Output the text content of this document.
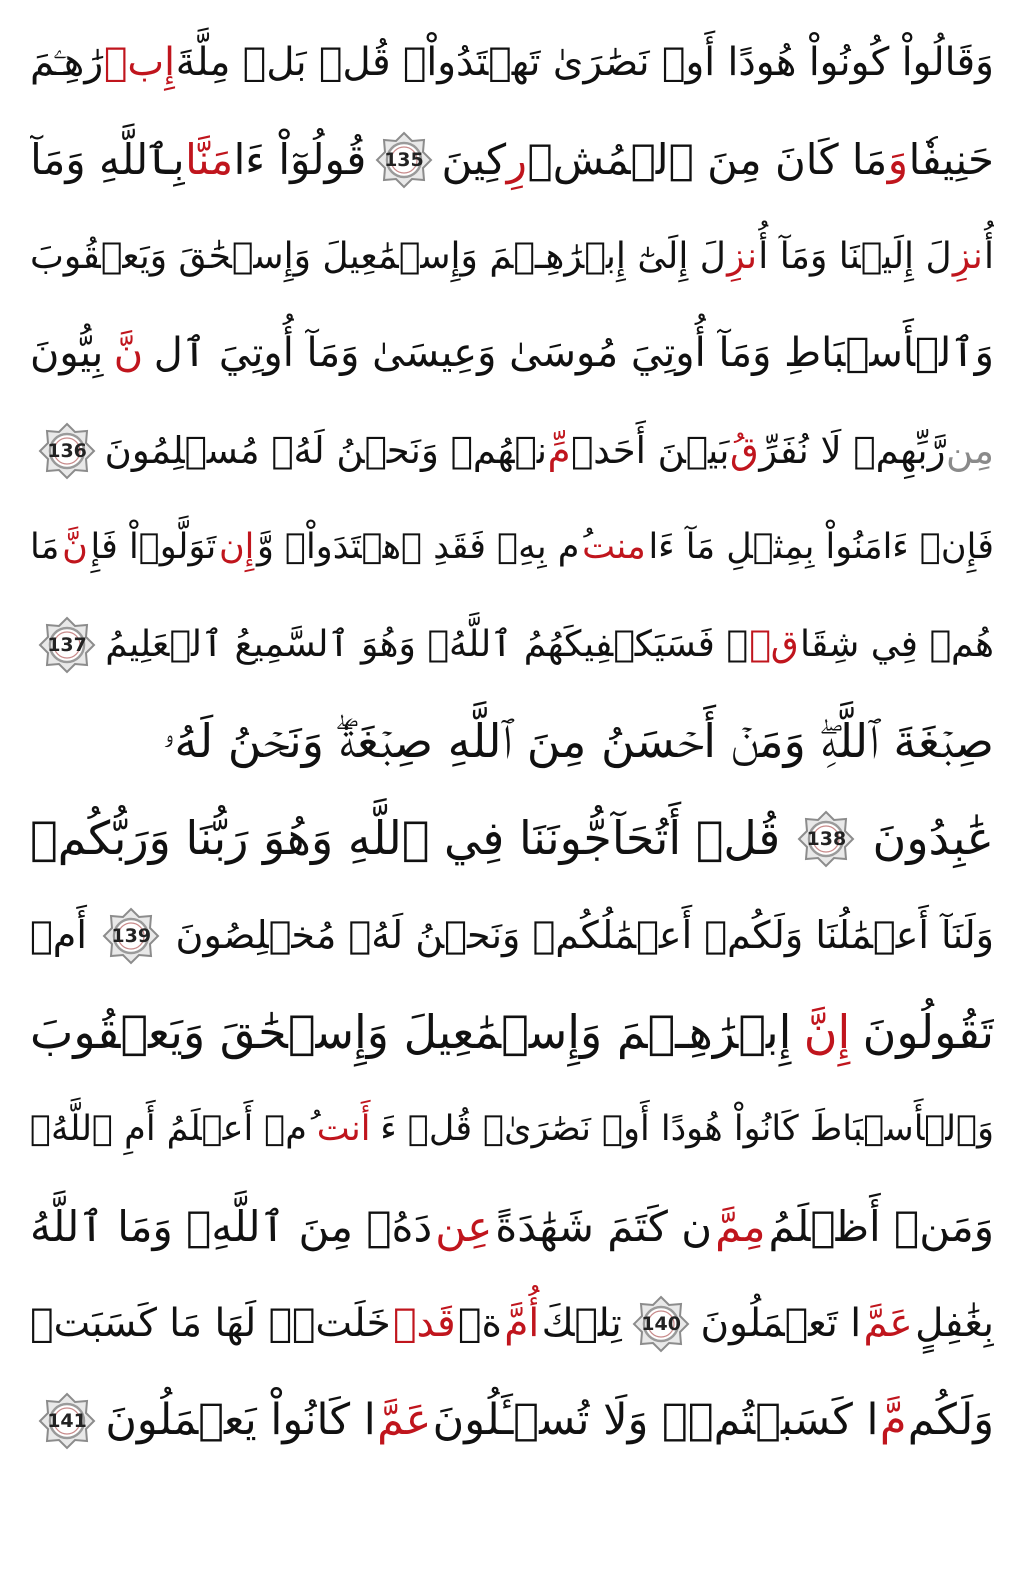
وَقَالُواْ كُونُواْ هُودًا أَوۡ نَصَٰرَىٰ تَهۡتَدُواْۗ قُلۡ بَلۡ مِلَّةَ
إِبۡ
رَٰهِـۧمَ
حَنِيفٗا
وَ
مَا كَانَ مِنَ ٱلۡمُشۡ
رِ
كِينَ
135
قُولُوٓاْ ءَا
مَنَّا
بِٱللَّهِ وَمَآ
أُ
نزِ
لَ إِلَيۡنَا وَمَآ أُ
نزِ
لَ إِلَىٰٓ إِبۡرَٰهِـۧمَ وَإِسۡمَٰعِيلَ وَإِسۡحَٰقَ وَيَعۡقُوبَ
وَٱلۡأَسۡبَاطِ وَمَآ أُوتِيَ مُوسَىٰ وَعِيسَىٰ وَمَآ أُوتِيَ ٱل
نَّ
بِيُّونَ
مِن
رَّبِّهِمۡ لَا نُفَرِّ
قُ
بَيۡنَ أَحَدٖ
مِّ
نۡهُمۡ وَنَحۡنُ لَهُۥ مُسۡلِمُونَ
136
فَإِنۡ ءَامَنُواْ بِمِثۡلِ مَآ ءَا
منت
ُم بِهِۦ فَقَدِ ٱهۡتَدَواْۖ وَّ
إِن
تَوَلَّوۡاْ فَإِ
نَّ
مَا
هُمۡ فِي شِقَا
قٖ
ۖ فَسَيَكۡفِيكَهُمُ ٱللَّهُۚ وَهُوَ ٱلسَّمِيعُ ٱلۡعَلِيمُ
137
صِبۡغَةَ ٱللَّهِۖ وَمَنۡ أَحۡسَنُ مِنَ ٱللَّهِ صِبۡغَةٗۖ وَنَحۡنُ لَهُۥ
عَٰبِدُونَ
138
قُلۡ أَتُحَآجُّونَنَا فِي ٱللَّهِ وَهُوَ رَبُّنَا وَرَبُّكُمۡ
وَلَنَآ أَعۡمَٰلُنَا وَلَكُمۡ أَعۡمَٰلُكُمۡ وَنَحۡنُ لَهُۥ مُخۡلِصُونَ
139
أَمۡ
تَقُولُونَ
إِنَّ
إِبۡرَٰهِـۧمَ وَإِسۡمَٰعِيلَ وَإِسۡحَٰقَ وَيَعۡقُوبَ
وَٱلۡأَسۡبَاطَ كَانُواْ هُودًا أَوۡ نَصَٰرَىٰۗ قُلۡ ءَ
أَنت
ُمۡ أَعۡلَمُ أَمِ ٱللَّهُۗ
وَمَنۡ أَظۡلَمُ
مِمَّ
ن كَتَمَ شَهَٰدَةً
عِن
دَهُۥ مِنَ ٱللَّهِۗ وَمَا ٱللَّهُ
بِغَٰفِلٍ
عَمَّ
ا تَعۡمَلُونَ
140
تِلۡكَ
أُمَّ
ةٞ
قَدۡ
خَلَتۡۖ لَهَا مَا كَسَبَتۡ
وَلَكُم
مَّ
ا كَسَبۡتُمۡۖ وَلَا تُسۡـَٔلُونَ
عَمَّ
ا كَانُواْ يَعۡمَلُونَ
141
